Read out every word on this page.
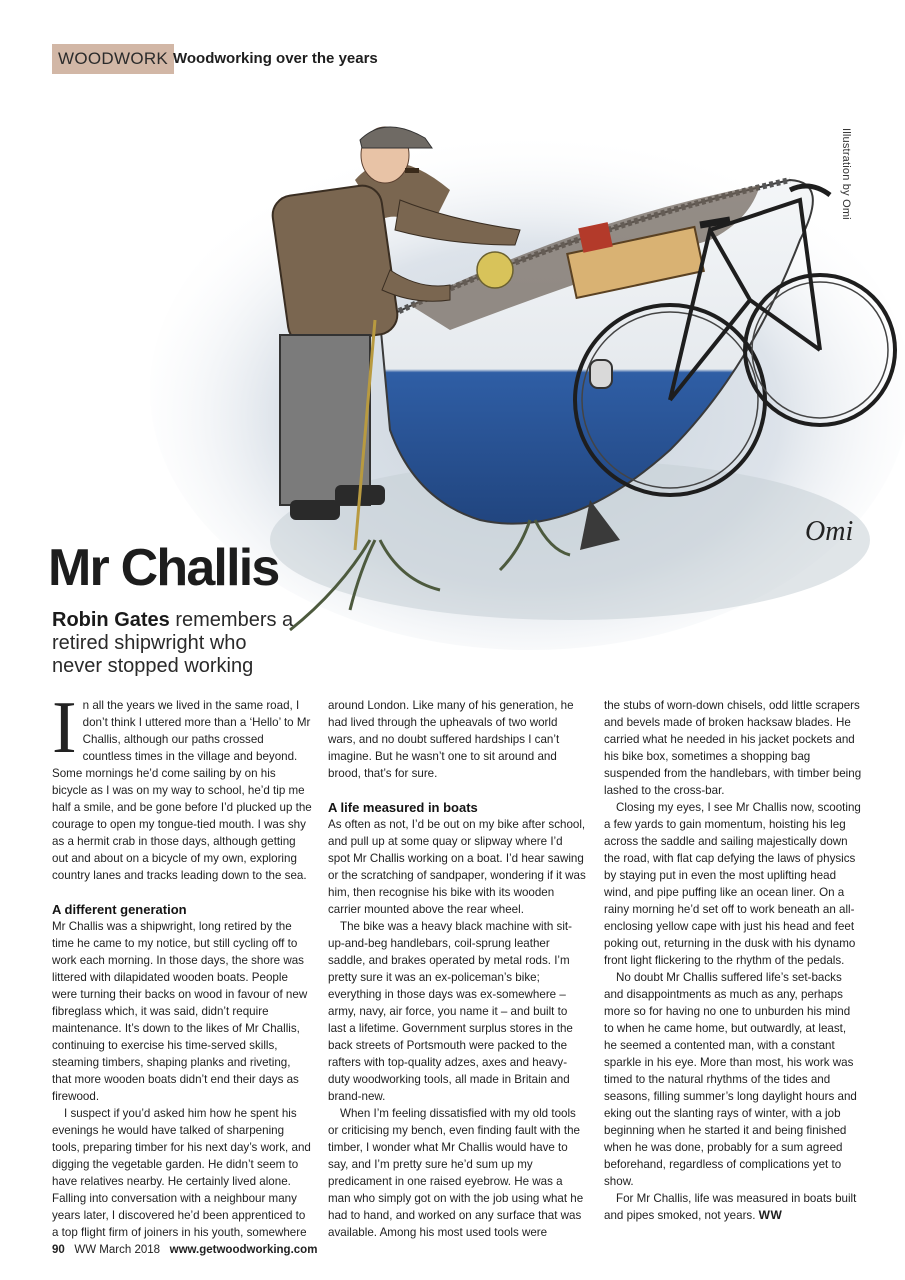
WOODWORK Woodworking over the years
Omi
Illustration by Omi
Mr Challis

Robin Gates remembers a retired shipwright who never stopped working

In all the years we lived in the same road, I don’t think I uttered more than a ‘Hello’ to Mr Challis, although our paths crossed countless times in the village and beyond. Some mornings he’d come sailing by on his bicycle as I was on my way to school, he’d tip me half a smile, and be gone before I’d plucked up the courage to open my tongue-tied mouth. I was shy as a hermit crab in those days, although getting out and about on a bicycle of my own, exploring country lanes and tracks leading down to the sea.

A different generation

Mr Challis was a shipwright, long retired by the time he came to my notice, but still cycling off to work each morning. In those days, the shore was littered with dilapidated wooden boats. People were turning their backs on wood in favour of new fibreglass which, it was said, didn’t require maintenance. It’s down to the likes of Mr Challis, continuing to exercise his time-served skills, steaming timbers, shaping planks and riveting, that more wooden boats didn’t end their days as firewood.

I suspect if you’d asked him how he spent his evenings he would have talked of sharpening tools, preparing timber for his next day’s work, and digging the vegetable garden. He didn’t seem to have relatives nearby. He certainly lived alone. Falling into conversation with a neighbour many years later, I discovered he’d been apprenticed to a top flight firm of joiners in his youth, somewhere

around London. Like many of his generation, he had lived through the upheavals of two world wars, and no doubt suffered hardships I can’t imagine. But he wasn’t one to sit around and brood, that’s for sure.

A life measured in boats

As often as not, I’d be out on my bike after school, and pull up at some quay or slipway where I’d spot Mr Challis working on a boat. I’d hear sawing or the scratching of sandpaper, wondering if it was him, then recognise his bike with its wooden carrier mounted above the rear wheel.

The bike was a heavy black machine with sit-up-and-beg handlebars, coil-sprung leather saddle, and brakes operated by metal rods. I’m pretty sure it was an ex-policeman’s bike; everything in those days was ex-somewhere – army, navy, air force, you name it – and built to last a lifetime. Government surplus stores in the back streets of Portsmouth were packed to the rafters with top-quality adzes, axes and heavy-duty woodworking tools, all made in Britain and brand-new.

When I’m feeling dissatisfied with my old tools or criticising my bench, even finding fault with the timber, I wonder what Mr Challis would have to say, and I’m pretty sure he’d sum up my predicament in one raised eyebrow. He was a man who simply got on with the job using what he had to hand, and worked on any surface that was available. Among his most used tools were

the stubs of worn-down chisels, odd little scrapers and bevels made of broken hacksaw blades. He carried what he needed in his jacket pockets and his bike box, sometimes a shopping bag suspended from the handlebars, with timber being lashed to the cross-bar.

Closing my eyes, I see Mr Challis now, scooting a few yards to gain momentum, hoisting his leg across the saddle and sailing majestically down the road, with flat cap defying the laws of physics by staying put in even the most uplifting head wind, and pipe puffing like an ocean liner. On a rainy morning he’d set off to work beneath an all-enclosing yellow cape with just his head and feet poking out, returning in the dusk with his dynamo front light flickering to the rhythm of the pedals.

No doubt Mr Challis suffered life’s set-backs and disappointments as much as any, perhaps more so for having no one to unburden his mind to when he came home, but outwardly, at least, he seemed a contented man, with a constant sparkle in his eye. More than most, his work was timed to the natural rhythms of the tides and seasons, filling summer’s long daylight hours and eking out the slanting rays of winter, with a job beginning when he started it and being finished when he was done, probably for a sum agreed beforehand, regardless of complications yet to show.

For Mr Challis, life was measured in boats built and pipes smoked, not years. WW

90 WW March 2018 www.getwoodworking.com
